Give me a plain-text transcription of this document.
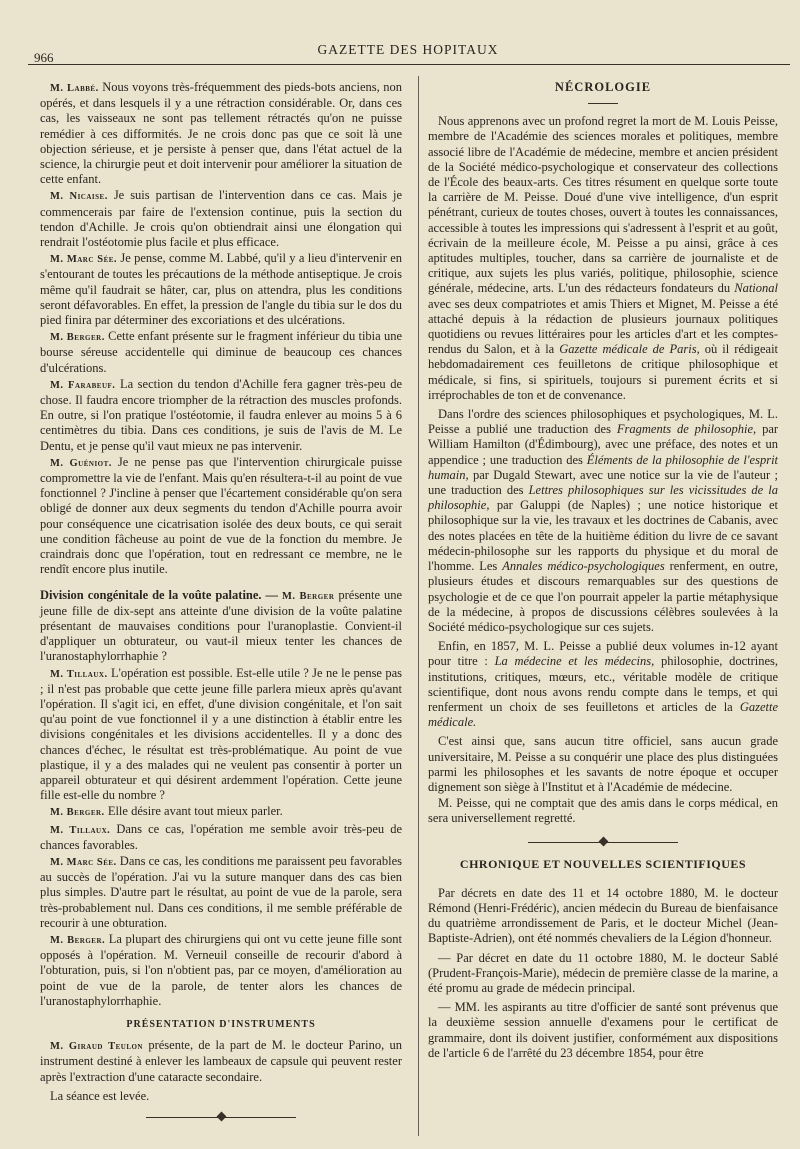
966
GAZETTE DES HOPITAUX

M. Labbé. Nous voyons très-fréquemment des pieds-bots anciens, non opérés, et dans lesquels il y a une rétraction considérable. Or, dans ces cas, les vaisseaux ne sont pas tellement rétractés qu'on ne puisse remédier à ces difformités. Je ne crois donc pas que ce soit là une objection sérieuse, et je persiste à penser que, dans l'état actuel de la science, la chirurgie peut et doit intervenir pour améliorer la situation de cette enfant.

M. Nicaise. Je suis partisan de l'intervention dans ce cas. Mais je commencerais par faire de l'extension continue, puis la section du tendon d'Achille. Je crois qu'on obtiendrait ainsi une élongation qui rendrait l'ostéotomie plus facile et plus efficace.

M. Marc Sée. Je pense, comme M. Labbé, qu'il y a lieu d'intervenir en s'entourant de toutes les précautions de la méthode antiseptique. Je crois même qu'il faudrait se hâter, car, plus on attendra, plus les conditions seront défavorables. En effet, la pression de l'angle du tibia sur le dos du pied finira par déterminer des excoriations et des ulcérations.

M. Berger. Cette enfant présente sur le fragment inférieur du tibia une bourse séreuse accidentelle qui diminue de beaucoup ces chances d'ulcérations.

M. Farabeuf. La section du tendon d'Achille fera gagner très-peu de chose. Il faudra encore triompher de la rétraction des muscles profonds. En outre, si l'on pratique l'ostéotomie, il faudra enlever au moins 5 à 6 centimètres du tibia. Dans ces conditions, je suis de l'avis de M. Le Dentu, et je pense qu'il vaut mieux ne pas intervenir.

M. Guéniot. Je ne pense pas que l'intervention chirurgicale puisse compromettre la vie de l'enfant. Mais qu'en résultera-t-il au point de vue fonctionnel ? J'incline à penser que l'écartement considérable qu'on sera obligé de donner aux deux segments du tendon d'Achille pourra avoir pour conséquence une cicatrisation isolée des deux bouts, ce qui serait une condition fâcheuse au point de vue de la fonction du membre. Je craindrais donc que l'opération, tout en redressant ce membre, ne le rendît encore plus inutile.

Division congénitale de la voûte palatine. — M. Berger présente une jeune fille de dix-sept ans atteinte d'une division de la voûte palatine présentant de mauvaises conditions pour l'uranoplastie. Convient-il d'appliquer un obturateur, ou vaut-il mieux tenter les chances de l'uranostaphylorrhaphie ?

M. Tillaux. L'opération est possible. Est-elle utile ? Je ne le pense pas ; il n'est pas probable que cette jeune fille parlera mieux après qu'avant l'opération. Il s'agit ici, en effet, d'une division congénitale, et l'on sait qu'au point de vue fonctionnel il y a une distinction à établir entre les divisions congénitales et les divisions accidentelles. Il y a donc des chances d'échec, le résultat est très-problématique. Au point de vue plastique, il y a des malades qui ne veulent pas consentir à porter un appareil obturateur et qui désirent ardemment l'opération. Cette jeune fille est-elle du nombre ?

M. Berger. Elle désire avant tout mieux parler.

M. Tillaux. Dans ce cas, l'opération me semble avoir très-peu de chances favorables.

M. Marc Sée. Dans ce cas, les conditions me paraissent peu favorables au succès de l'opération. J'ai vu la suture manquer dans des cas bien plus simples. D'autre part le résultat, au point de vue de la parole, sera très-probablement nul. Dans ces conditions, il me semble préférable de recourir à une obturation.

M. Berger. La plupart des chirurgiens qui ont vu cette jeune fille sont opposés à l'opération. M. Verneuil conseille de recourir d'abord à l'obturation, puis, si l'on n'obtient pas, par ce moyen, d'amélioration au point de vue de la parole, de tenter alors les chances de l'uranostaphylorrhaphie.

PRÉSENTATION D'INSTRUMENTS

M. Giraud Teulon présente, de la part de M. le docteur Parino, un instrument destiné à enlever les lambeaux de capsule qui peuvent rester après l'extraction d'une cataracte secondaire.

La séance est levée.

NÉCROLOGIE

Nous apprenons avec un profond regret la mort de M. Louis Peisse, membre de l'Académie des sciences morales et politiques, membre associé libre de l'Académie de médecine, membre et ancien président de la Société médico-psychologique et conservateur des collections de l'École des beaux-arts. Ces titres résument en quelque sorte toute la carrière de M. Peisse. Doué d'une vive intelligence, d'un esprit pénétrant, curieux de toutes choses, ouvert à toutes les connaissances, accessible à toutes les impressions qui s'adressent à l'esprit et au goût, écrivain de la meilleure école, M. Peisse a pu ainsi, grâce à ces aptitudes multiples, toucher, dans sa carrière de journaliste et de critique, aux sujets les plus variés, politique, philosophie, science générale, médecine, arts. L'un des rédacteurs fondateurs du National avec ses deux compatriotes et amis Thiers et Mignet, M. Peisse a été attaché depuis à la rédaction de plusieurs journaux politiques quotidiens ou revues littéraires pour les articles d'art et les comptes-rendus du Salon, et à la Gazette médicale de Paris, où il rédigeait hebdomadairement ces feuilletons de critique philosophique et médicale, si fins, si spirituels, toujours si purement écrits et si irréprochables de ton et de convenance.

Dans l'ordre des sciences philosophiques et psychologiques, M. L. Peisse a publié une traduction des Fragments de philosophie, par William Hamilton (d'Édimbourg), avec une préface, des notes et un appendice ; une traduction des Éléments de la philosophie de l'esprit humain, par Dugald Stewart, avec une notice sur la vie de l'auteur ; une traduction des Lettres philosophiques sur les vicissitudes de la philosophie, par Galuppi (de Naples) ; une notice historique et philosophique sur la vie, les travaux et les doctrines de Cabanis, avec des notes placées en tête de la huitième édition du livre de ce savant médecin-philosophe sur les rapports du physique et du moral de l'homme. Les Annales médico-psychologiques renferment, en outre, plusieurs études et discours remarquables sur des questions de psychologie et de ce que l'on pourrait appeler la partie métaphysique de la médecine, à propos de discussions célèbres soulevées à la Société médico-psychologique sur ces sujets.

Enfin, en 1857, M. L. Peisse a publié deux volumes in-12 ayant pour titre : La médecine et les médecins, philosophie, doctrines, institutions, critiques, mœurs, etc., véritable modèle de critique scientifique, dont nous avons rendu compte dans le temps, et qui renferment un choix de ses feuilletons et articles de la Gazette médicale.

C'est ainsi que, sans aucun titre officiel, sans aucun grade universitaire, M. Peisse a su conquérir une place des plus distinguées parmi les philosophes et les savants de notre époque et occuper dignement son siège à l'Institut et à l'Académie de médecine.

M. Peisse, qui ne comptait que des amis dans le corps médical, en sera universellement regretté.

CHRONIQUE ET NOUVELLES SCIENTIFIQUES

Par décrets en date des 11 et 14 octobre 1880, M. le docteur Rémond (Henri-Frédéric), ancien médecin du Bureau de bienfaisance du quatrième arrondissement de Paris, et le docteur Michel (Jean-Baptiste-Adrien), ont été nommés chevaliers de la Légion d'honneur.

— Par décret en date du 11 octobre 1880, M. le docteur Sablé (Prudent-François-Marie), médecin de première classe de la marine, a été promu au grade de médecin principal.

— MM. les aspirants au titre d'officier de santé sont prévenus que la deuxième session annuelle d'examens pour le certificat de grammaire, dont ils doivent justifier, conformément aux dispositions de l'article 6 de l'arrêté du 23 décembre 1854, pour être
